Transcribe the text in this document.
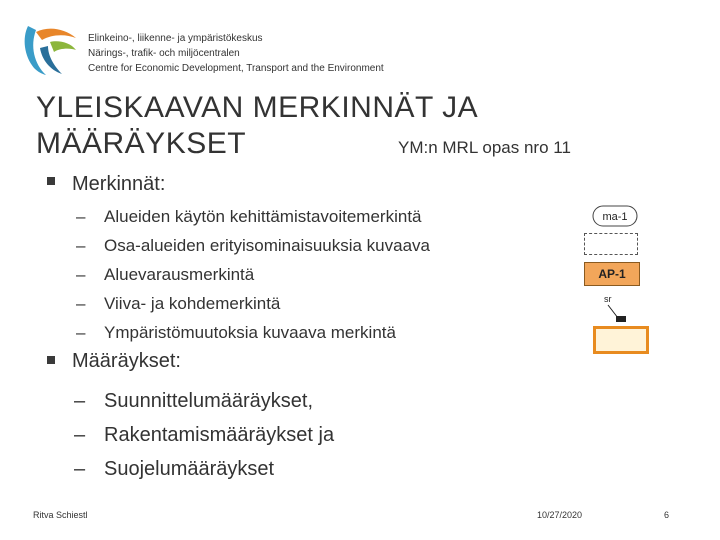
Elinkeino-, liikenne- ja ympäristökeskus
Närings-, trafik- och miljöcentralen
Centre for Economic Development, Transport and the Environment
YLEISKAAVAN MERKINNÄT JA
MÄÄRÄYKSET	YM:n MRL opas nro 11
Merkinnät:
– Alueiden käytön kehittämistavoitemerkintä
– Osa-alueiden erityisominaisuuksia kuvaava
– Aluevarausmerkintä
– Viiva- ja kohdemerkintä
– Ympäristömuutoksia kuvaava merkintä
Määräykset:
– Suunnittelumääräykset,
– Rakentamismääräykset ja
– Suojelumääräykset
ma-1
AP-1
sr
Ritva Schiestl	10/27/2020	6
